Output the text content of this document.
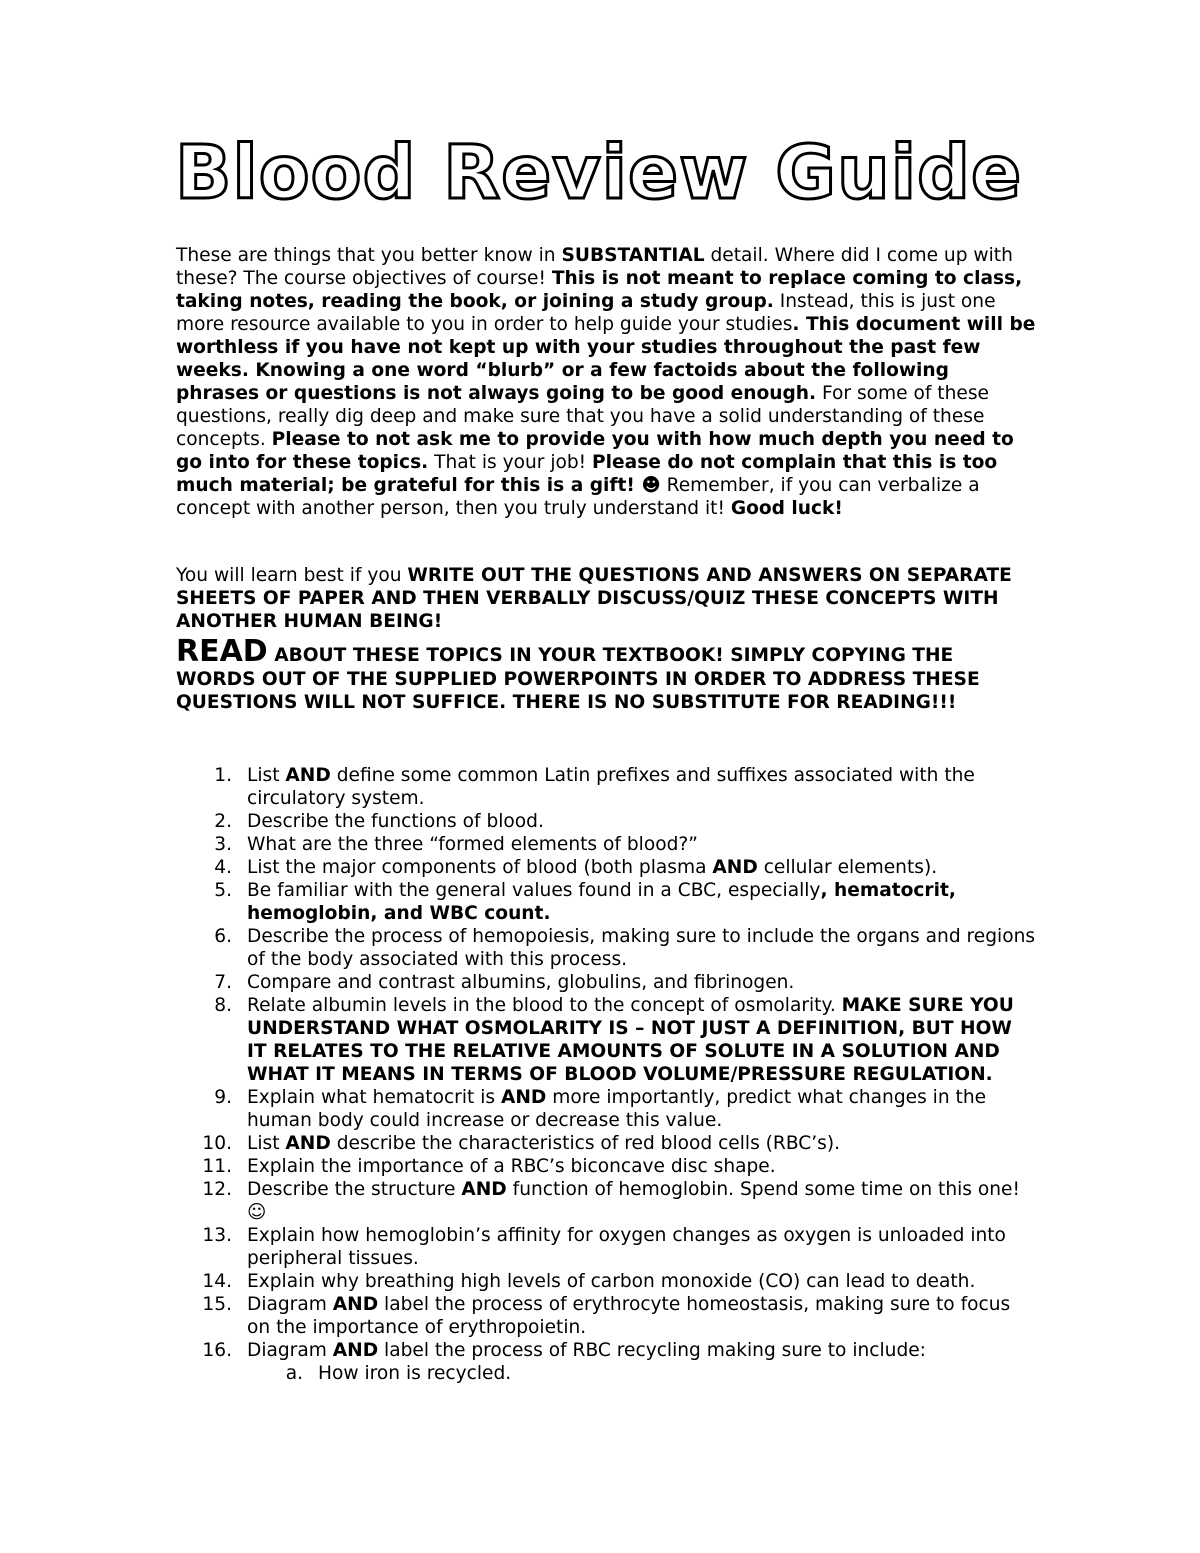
Blood Review Guide

These are things that you better know in SUBSTANTIAL detail. Where did I come up with these? The course objectives of course! This is not meant to replace coming to class, taking notes, reading the book, or joining a study group. Instead, this is just one more resource available to you in order to help guide your studies. This document will be worthless if you have not kept up with your studies throughout the past few weeks. Knowing a one word “blurb” or a few factoids about the following phrases or questions is not always going to be good enough. For some of these questions, really dig deep and make sure that you have a solid understanding of these concepts. Please to not ask me to provide you with how much depth you need to go into for these topics. That is your job! Please do not complain that this is too much material; be grateful for this is a gift! ☻ Remember, if you can verbalize a concept with another person, then you truly understand it! Good luck!

You will learn best if you WRITE OUT THE QUESTIONS AND ANSWERS ON SEPARATE SHEETS OF PAPER AND THEN VERBALLY DISCUSS/QUIZ THESE CONCEPTS WITH ANOTHER HUMAN BEING!

READ ABOUT THESE TOPICS IN YOUR TEXTBOOK! SIMPLY COPYING THE WORDS OUT OF THE SUPPLIED POWERPOINTS IN ORDER TO ADDRESS THESE QUESTIONS WILL NOT SUFFICE. THERE IS NO SUBSTITUTE FOR READING!!!

1. List AND define some common Latin prefixes and suffixes associated with the circulatory system.
2. Describe the functions of blood.
3. What are the three “formed elements of blood?”
4. List the major components of blood (both plasma AND cellular elements).
5. Be familiar with the general values found in a CBC, especially, hematocrit, hemoglobin, and WBC count.
6. Describe the process of hemopoiesis, making sure to include the organs and regions of the body associated with this process.
7. Compare and contrast albumins, globulins, and fibrinogen.
8. Relate albumin levels in the blood to the concept of osmolarity. MAKE SURE YOU UNDERSTAND WHAT OSMOLARITY IS – NOT JUST A DEFINITION, BUT HOW IT RELATES TO THE RELATIVE AMOUNTS OF SOLUTE IN A SOLUTION AND WHAT IT MEANS IN TERMS OF BLOOD VOLUME/PRESSURE REGULATION.
9. Explain what hematocrit is AND more importantly, predict what changes in the human body could increase or decrease this value.
10. List AND describe the characteristics of red blood cells (RBC’s).
11. Explain the importance of a RBC’s biconcave disc shape.
12. Describe the structure AND function of hemoglobin. Spend some time on this one! ☺
13. Explain how hemoglobin’s affinity for oxygen changes as oxygen is unloaded into peripheral tissues.
14. Explain why breathing high levels of carbon monoxide (CO) can lead to death.
15. Diagram AND label the process of erythrocyte homeostasis, making sure to focus on the importance of erythropoietin.
16. Diagram AND label the process of RBC recycling making sure to include:
a. How iron is recycled.
